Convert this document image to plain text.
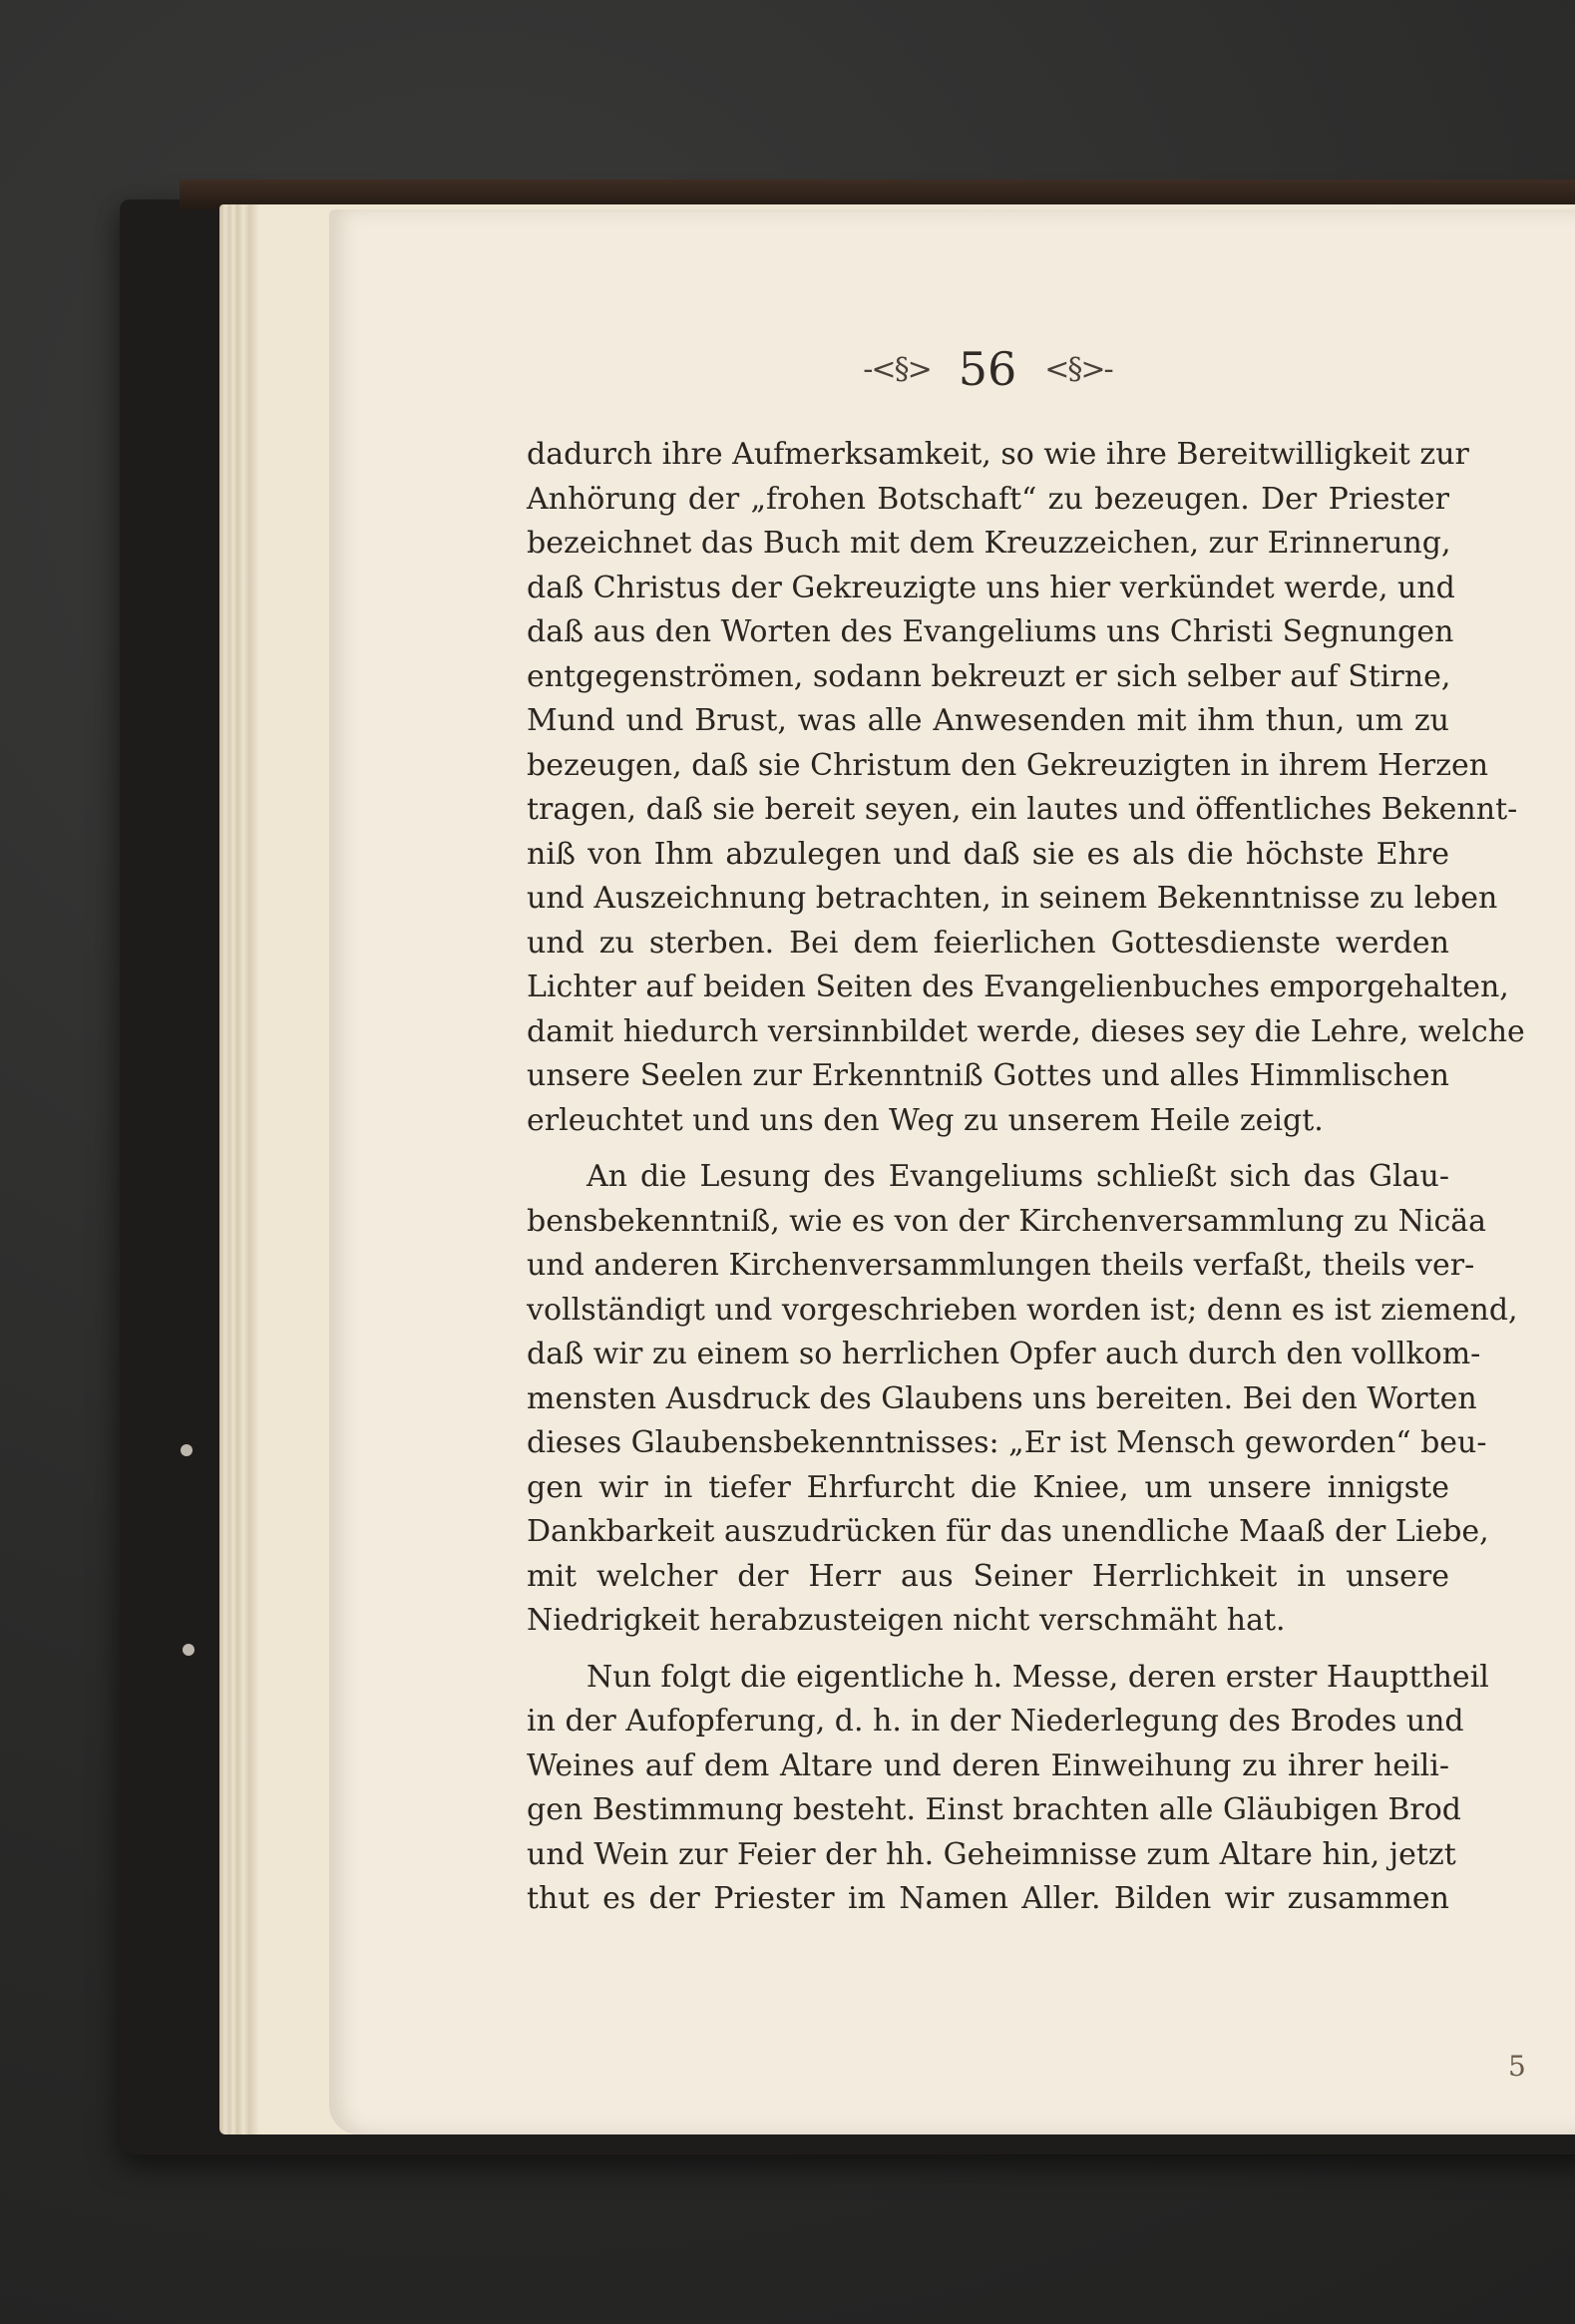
-<§> 56 <§>-
dadurch ihre Aufmerksamkeit, so wie ihre Bereitwilligkeit zur
Anhörung der „frohen Botschaft“ zu bezeugen. Der Priester
bezeichnet das Buch mit dem Kreuzzeichen, zur Erinnerung,
daß Christus der Gekreuzigte uns hier verkündet werde, und
daß aus den Worten des Evangeliums uns Christi Segnungen
entgegenströmen, sodann bekreuzt er sich selber auf Stirne,
Mund und Brust, was alle Anwesenden mit ihm thun, um zu
bezeugen, daß sie Christum den Gekreuzigten in ihrem Herzen
tragen, daß sie bereit seyen, ein lautes und öffentliches Bekennt-
niß von Ihm abzulegen und daß sie es als die höchste Ehre
und Auszeichnung betrachten, in seinem Bekenntnisse zu leben
und zu sterben. Bei dem feierlichen Gottesdienste werden
Lichter auf beiden Seiten des Evangelienbuches emporgehalten,
damit hiedurch versinnbildet werde, dieses sey die Lehre, welche
unsere Seelen zur Erkenntniß Gottes und alles Himmlischen
erleuchtet und uns den Weg zu unserem Heile zeigt.
An die Lesung des Evangeliums schließt sich das Glau-
bensbekenntniß, wie es von der Kirchenversammlung zu Nicäa
und anderen Kirchenversammlungen theils verfaßt, theils ver-
vollständigt und vorgeschrieben worden ist; denn es ist ziemend,
daß wir zu einem so herrlichen Opfer auch durch den vollkom-
mensten Ausdruck des Glaubens uns bereiten. Bei den Worten
dieses Glaubensbekenntnisses: „Er ist Mensch geworden“ beu-
gen wir in tiefer Ehrfurcht die Kniee, um unsere innigste
Dankbarkeit auszudrücken für das unendliche Maaß der Liebe,
mit welcher der Herr aus Seiner Herrlichkeit in unsere
Niedrigkeit herabzusteigen nicht verschmäht hat.
Nun folgt die eigentliche h. Messe, deren erster Haupttheil
in der Aufopferung, d. h. in der Niederlegung des Brodes und
Weines auf dem Altare und deren Einweihung zu ihrer heili-
gen Bestimmung besteht. Einst brachten alle Gläubigen Brod
und Wein zur Feier der hh. Geheimnisse zum Altare hin, jetzt
thut es der Priester im Namen Aller. Bilden wir zusammen
5
